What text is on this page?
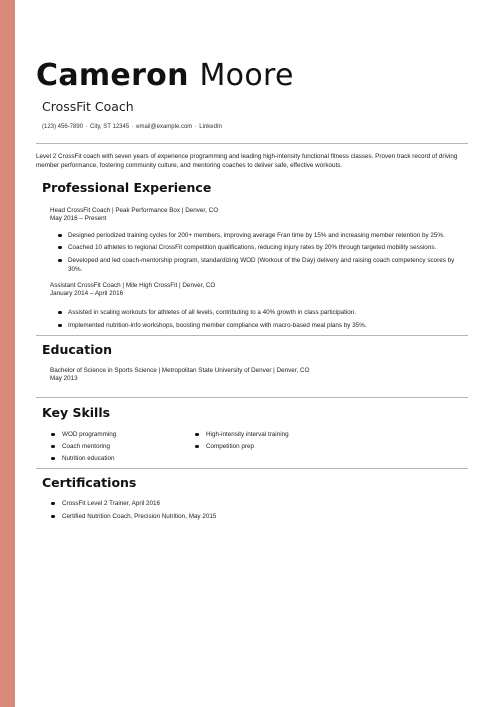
Cameron Moore
CrossFit Coach
(123) 456-7890 · City, ST 12345 · email@example.com · LinkedIn

Level 2 CrossFit coach with seven years of experience programming and leading high-intensity functional fitness classes. Proven track record of driving member performance, fostering community culture, and mentoring coaches to deliver safe, effective workouts.

Professional Experience
Head CrossFit Coach | Peak Performance Box | Denver, CO
May 2016 – Present
Designed periodized training cycles for 200+ members, improving average Fran time by 15% and increasing member retention by 25%.
Coached 10 athletes to regional CrossFit competition qualifications, reducing injury rates by 20% through targeted mobility sessions.
Developed and led coach-mentorship program, standardizing WOD (Workout of the Day) delivery and raising coach competency scores by 30%.
Assistant CrossFit Coach | Mile High CrossFit | Denver, CO
January 2014 – April 2016
Assisted in scaling workouts for athletes of all levels, contributing to a 40% growth in class participation.
Implemented nutrition-info workshops, boosting member compliance with macro-based meal plans by 35%.
Education
Bachelor of Science in Sports Science | Metropolitan State University of Denver | Denver, CO
May 2013
Key Skills
WOD programming	High-intensity interval training
Coach mentoring	Competition prep
Nutrition education
Certifications
CrossFit Level 2 Trainer, April 2016
Certified Nutrition Coach, Precision Nutrition, May 2015
